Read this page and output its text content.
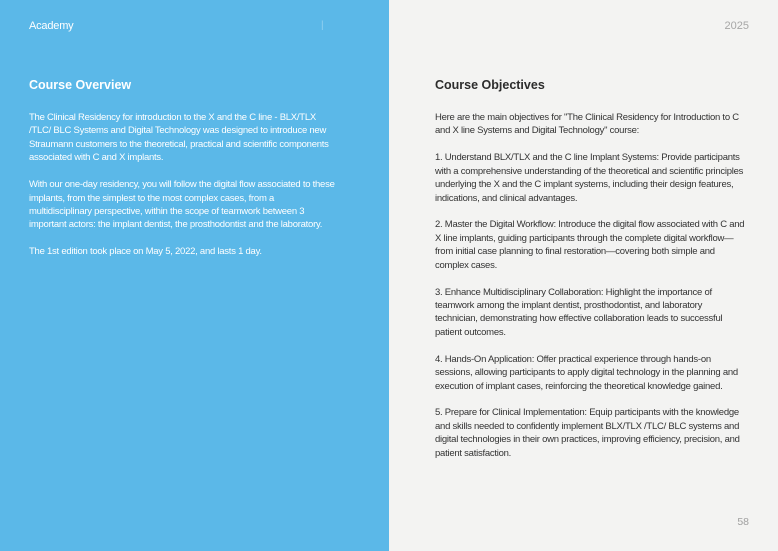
Academy	|
Course Overview

The Clinical Residency for introduction to the X and the C line - BLX/TLX /TLC/ BLC Systems and Digital Technology was designed to introduce new Straumann customers to the theoretical, practical and scientific components associated with C and X implants.

With our one-day residency, you will follow the digital flow associated to these implants, from the simplest to the most complex cases, from a multidisciplinary perspective, within the scope of teamwork between 3 important actors: the implant dentist, the prosthodontist and the laboratory.

The 1st edition took place on May 5, 2022, and lasts 1 day.

2025
Course Objectives

Here are the main objectives for "The Clinical Residency for Introduction to C and X line Systems and Digital Technology" course:

1. Understand BLX/TLX and the C line Implant Systems: Provide participants with a comprehensive understanding of the theoretical and scientific principles underlying the X and the C implant systems, including their design features, indications, and clinical advantages.

2. Master the Digital Workflow: Introduce the digital flow associated with C and X line implants, guiding participants through the complete digital workflow—from initial case planning to final restoration—covering both simple and complex cases.

3. Enhance Multidisciplinary Collaboration: Highlight the importance of teamwork among the implant dentist, prosthodontist, and laboratory technician, demonstrating how effective collaboration leads to successful patient outcomes.

4. Hands-On Application: Offer practical experience through hands-on sessions, allowing participants to apply digital technology in the planning and execution of implant cases, reinforcing the theoretical knowledge gained.

5. Prepare for Clinical Implementation: Equip participants with the knowledge and skills needed to confidently implement BLX/TLX /TLC/ BLC systems and digital technologies in their own practices, improving efficiency, precision, and patient satisfaction.

58
